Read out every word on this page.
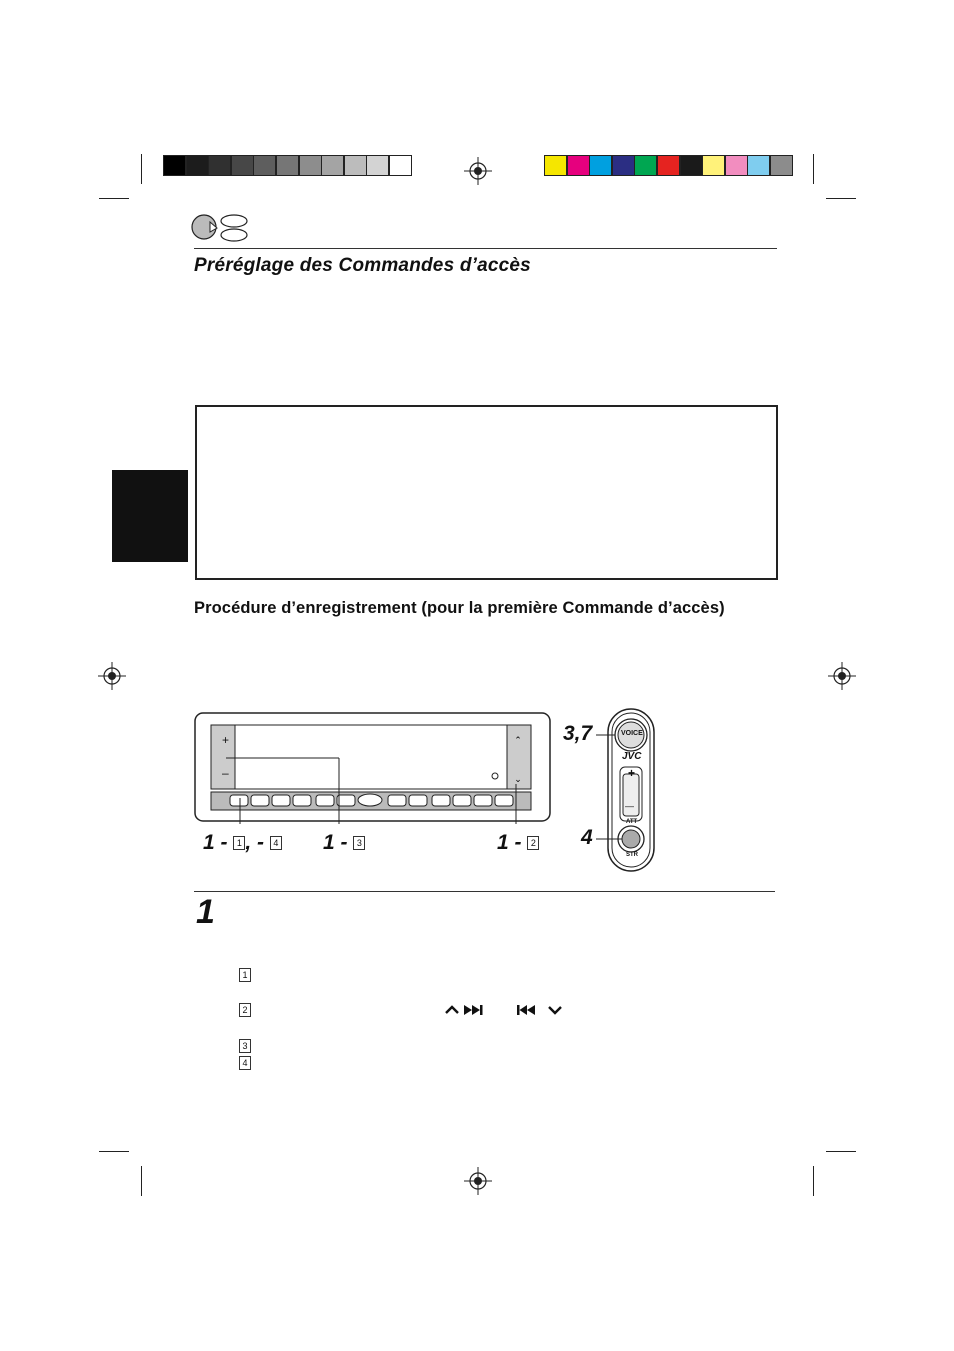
Préréglage des Commandes d’accès
Procédure d’enregistrement (pour la première Commande d’accès)
⌃
⌄
+
–
1 - 1 , - 4 1 - 3	1 - 2
VOICE
JVC
+
—
ATT
STR
3,7
4
1
1
2
3
4
